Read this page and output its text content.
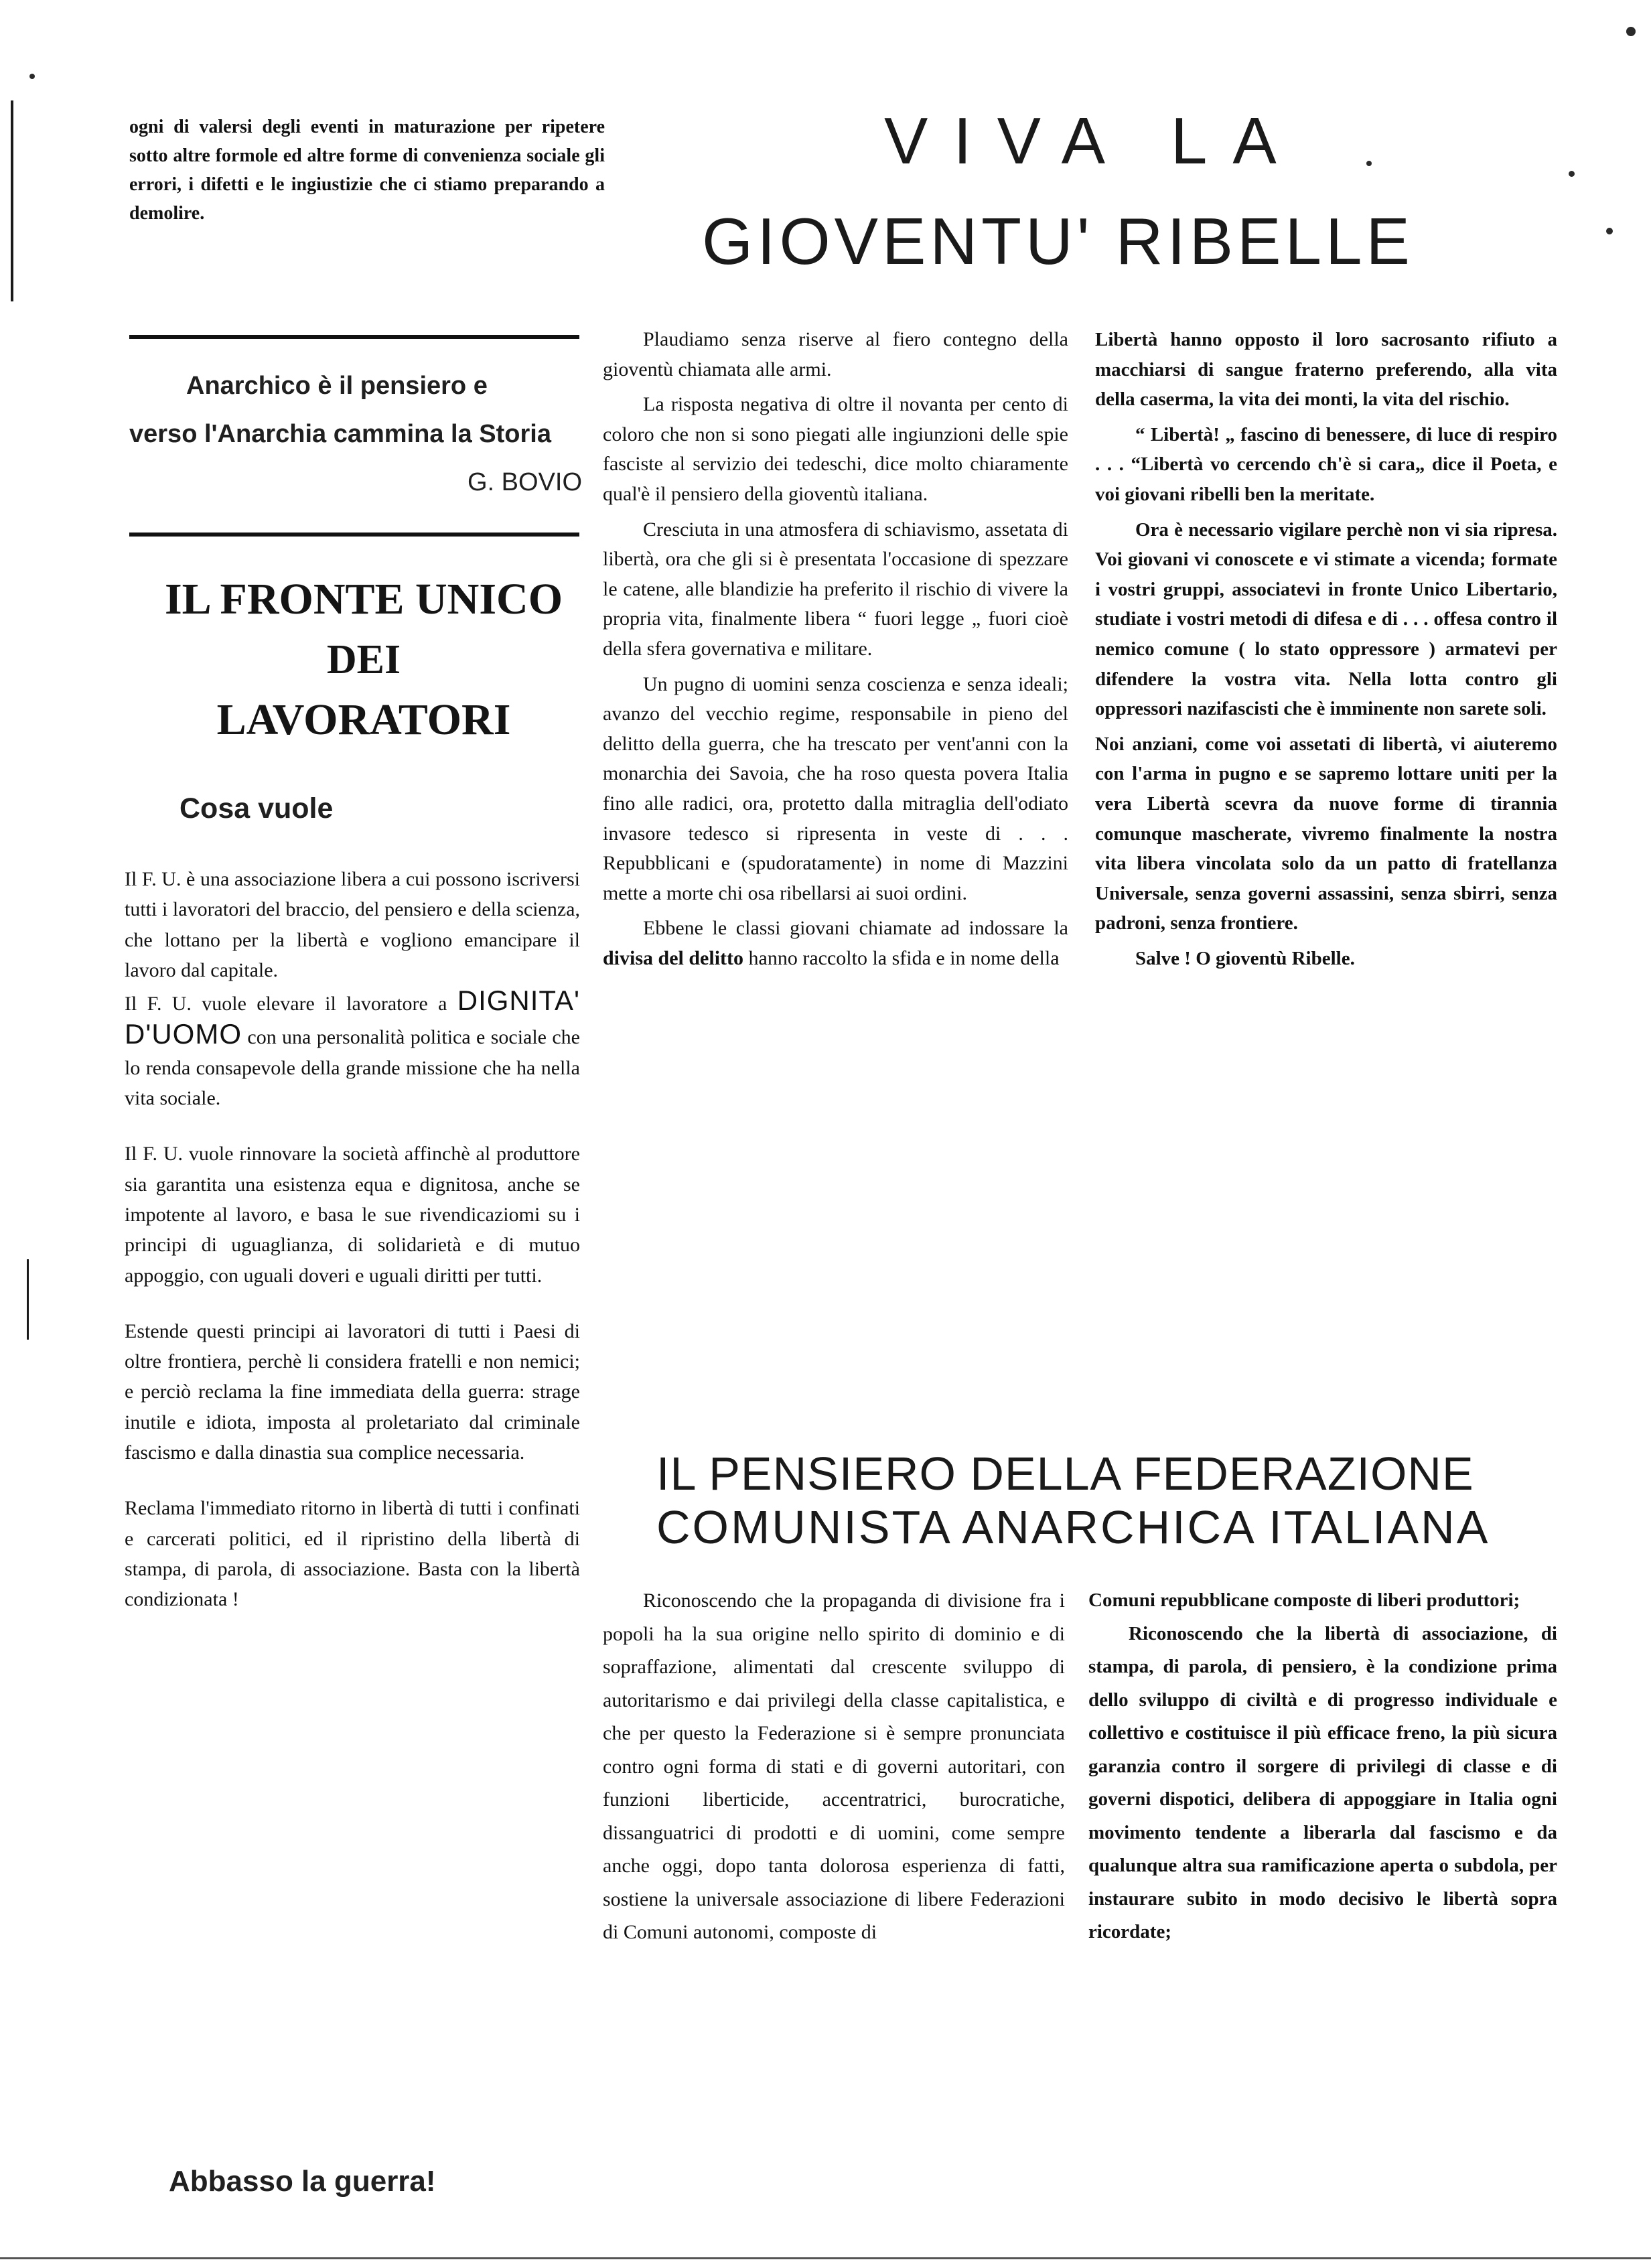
ogni di valersi degli eventi in maturazione per ripetere sotto altre formole ed altre forme di convenienza sociale gli errori, i difetti e le ingiustizie che ci stiamo preparando a demolire.

Anarchico è il pensiero e
verso l'Anarchia cammina la Storia
G. BOVIO
IL FRONTE UNICO
DEI
LAVORATORI
Cosa vuole

Il F. U. è una associazione libera a cui possono iscriversi tutti i lavoratori del braccio, del pensiero e della scienza, che lottano per la libertà e vogliono emancipare il lavoro dal capitale.

Il F. U. vuole elevare il lavoratore a DIGNITA' D'UOMO con una personalità politica e sociale che lo renda consapevole della grande missione che ha nella vita sociale.

Il F. U. vuole rinnovare la società affinchè al produttore sia garantita una esistenza equa e dignitosa, anche se impotente al lavoro, e basa le sue rivendicaziomi su i principi di uguaglianza, di solidarietà e di mutuo appoggio, con uguali doveri e uguali diritti per tutti.

Estende questi principi ai lavoratori di tutti i Paesi di oltre frontiera, perchè li considera fratelli e non nemici; e perciò reclama la fine immediata della guerra: strage inutile e idiota, imposta al proletariato dal criminale fascismo e dalla dinastia sua complice necessaria.

Reclama l'immediato ritorno in libertà di tutti i confinati e carcerati politici, ed il ripristino della libertà di stampa, di parola, di associazione. Basta con la libertà condizionata !

Abbasso la guerra!
VIVA LA
GIOVENTU' RIBELLE

Plaudiamo senza riserve al fiero contegno della gioventù chiamata alle armi.

La risposta negativa di oltre il novanta per cento di coloro che non si sono piegati alle ingiunzioni delle spie fasciste al servizio dei tedeschi, dice molto chiaramente qual'è il pensiero della gioventù italiana.

Cresciuta in una atmosfera di schiavismo, assetata di libertà, ora che gli si è presentata l'occasione di spezzare le catene, alle blandizie ha preferito il rischio di vivere la propria vita, finalmente libera “ fuori legge „ fuori cioè della sfera governativa e militare.

Un pugno di uomini senza coscienza e senza ideali; avanzo del vecchio regime, responsabile in pieno del delitto della guerra, che ha trescato per vent'anni con la monarchia dei Savoia, che ha roso questa povera Italia fino alle radici, ora, protetto dalla mitraglia dell'odiato invasore tedesco si ripresenta in veste di . . . Repubblicani e (spudoratamente) in nome di Mazzini mette a morte chi osa ribellarsi ai suoi ordini.

Ebbene le classi giovani chiamate ad indossare la divisa del delitto hanno raccolto la sfida e in nome della

Libertà hanno opposto il loro sacrosanto rifiuto a macchiarsi di sangue fraterno preferendo, alla vita della caserma, la vita dei monti, la vita del rischio.

“ Libertà! „ fascino di benessere, di luce di respiro . . . “Libertà vo cercendo ch'è si cara„ dice il Poeta, e voi giovani ribelli ben la meritate.

Ora è necessario vigilare perchè non vi sia ripresa. Voi giovani vi conoscete e vi stimate a vicenda; formate i vostri gruppi, associatevi in fronte Unico Libertario, studiate i vostri metodi di difesa e di . . . offesa contro il nemico comune ( lo stato oppressore ) armatevi per difendere la vostra vita. Nella lotta contro gli oppressori nazifascisti che è imminente non sarete soli.

Noi anziani, come voi assetati di libertà, vi aiuteremo con l'arma in pugno e se sapremo lottare uniti per la vera Libertà scevra da nuove forme di tirannia comunque mascherate, vivremo finalmente la nostra vita libera vincolata solo da un patto di fratellanza Universale, senza governi assassini, senza sbirri, senza padroni, senza frontiere.

Salve ! O gioventù Ribelle.

IL PENSIERO DELLA FEDERAZIONE
COMUNISTA ANARCHICA ITALIANA

Riconoscendo che la propaganda di divisione fra i popoli ha la sua origine nello spirito di dominio e di sopraffazione, alimentati dal crescente sviluppo di autoritarismo e dai privilegi della classe capitalistica, e che per questo la Federazione si è sempre pronunciata contro ogni forma di stati e di governi autoritari, con funzioni liberticide, accentratrici, burocratiche, dissanguatrici di prodotti e di uomini, come sempre anche oggi, dopo tanta dolorosa esperienza di fatti, sostiene la universale associazione di libere Federazioni di Comuni autonomi, composte di

Comuni repubblicane composte di liberi produttori;

Riconoscendo che la libertà di associazione, di stampa, di parola, di pensiero, è la condizione prima dello sviluppo di civiltà e di progresso individuale e collettivo e costituisce il più efficace freno, la più sicura garanzia contro il sorgere di privilegi di classe e di governi dispotici, delibera di appoggiare in Italia ogni movimento tendente a liberarla dal fascismo e da qualunque altra sua ramificazione aperta o subdola, per instaurare subito in modo decisivo le libertà sopra ricordate;
